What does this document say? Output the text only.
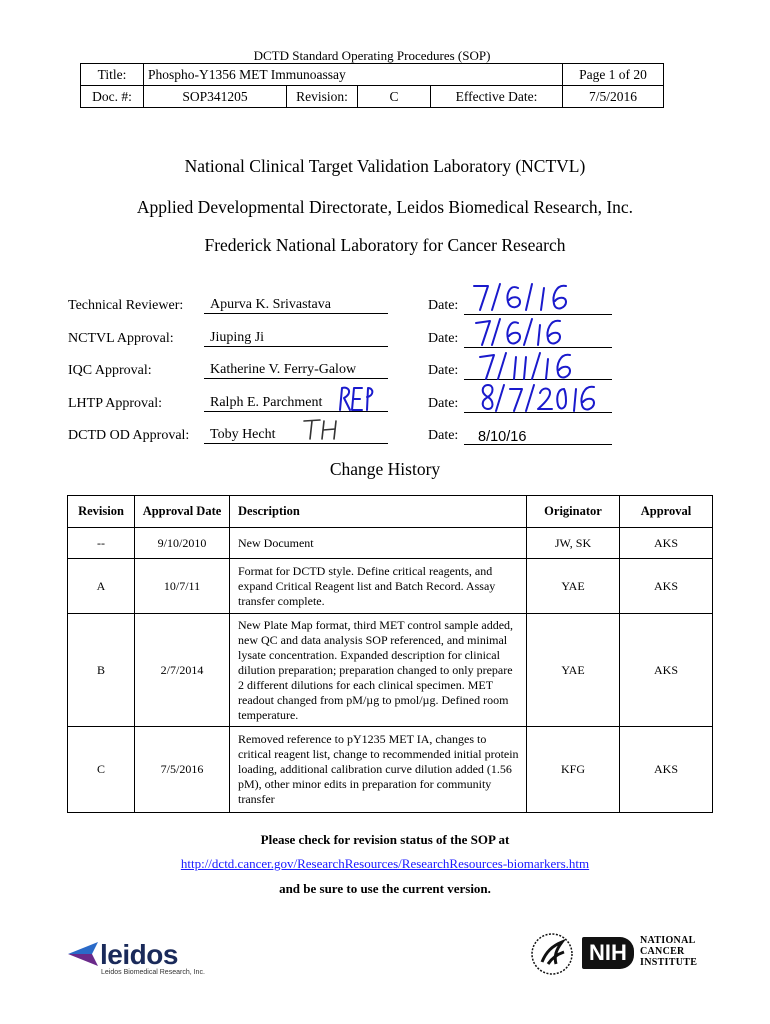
DCTD Standard Operating Procedures (SOP)
Title:	Phospho-Y1356 MET Immunoassay				Page 1 of 20
Doc. #:	SOP341205	Revision:	C	Effective Date:	7/5/2016
National Clinical Target Validation Laboratory (NCTVL)
Applied Developmental Directorate, Leidos Biomedical Research, Inc.
Frederick National Laboratory for Cancer Research
Technical Reviewer:	Apurva K. Srivastava	Date:
NCTVL Approval:	Jiuping Ji	Date:
IQC Approval:	Katherine V. Ferry-Galow	Date:
LHTP Approval:	Ralph E. Parchment	Date:
DCTD OD Approval:	Toby Hecht	Date: 8/10/16
Change History
Revision	Approval Date	Description	Originator	Approval
--	9/10/2010	New Document	JW, SK	AKS
A	10/7/11	Format for DCTD style. Define critical reagents, and expand Critical Reagent list and Batch Record. Assay transfer complete.	YAE	AKS
B	2/7/2014	New Plate Map format, third MET control sample added, new QC and data analysis SOP referenced, and minimal lysate concentration. Expanded description for clinical dilution preparation; preparation changed to only prepare 2 different dilutions for each clinical specimen. MET readout changed from pM/µg to pmol/µg. Defined room temperature.	YAE	AKS
C	7/5/2016	Removed reference to pY1235 MET IA, changes to critical reagent list, change to recommended initial protein loading, additional calibration curve dilution added (1.56 pM), other minor edits in preparation for community transfer	KFG	AKS
Please check for revision status of the SOP at
http://dctd.cancer.gov/ResearchResources/ResearchResources-biomarkers.htm
and be sure to use the current version.
leidos
Leidos Biomedical Research, Inc.
NIH	NATIONAL
CANCER
INSTITUTE
